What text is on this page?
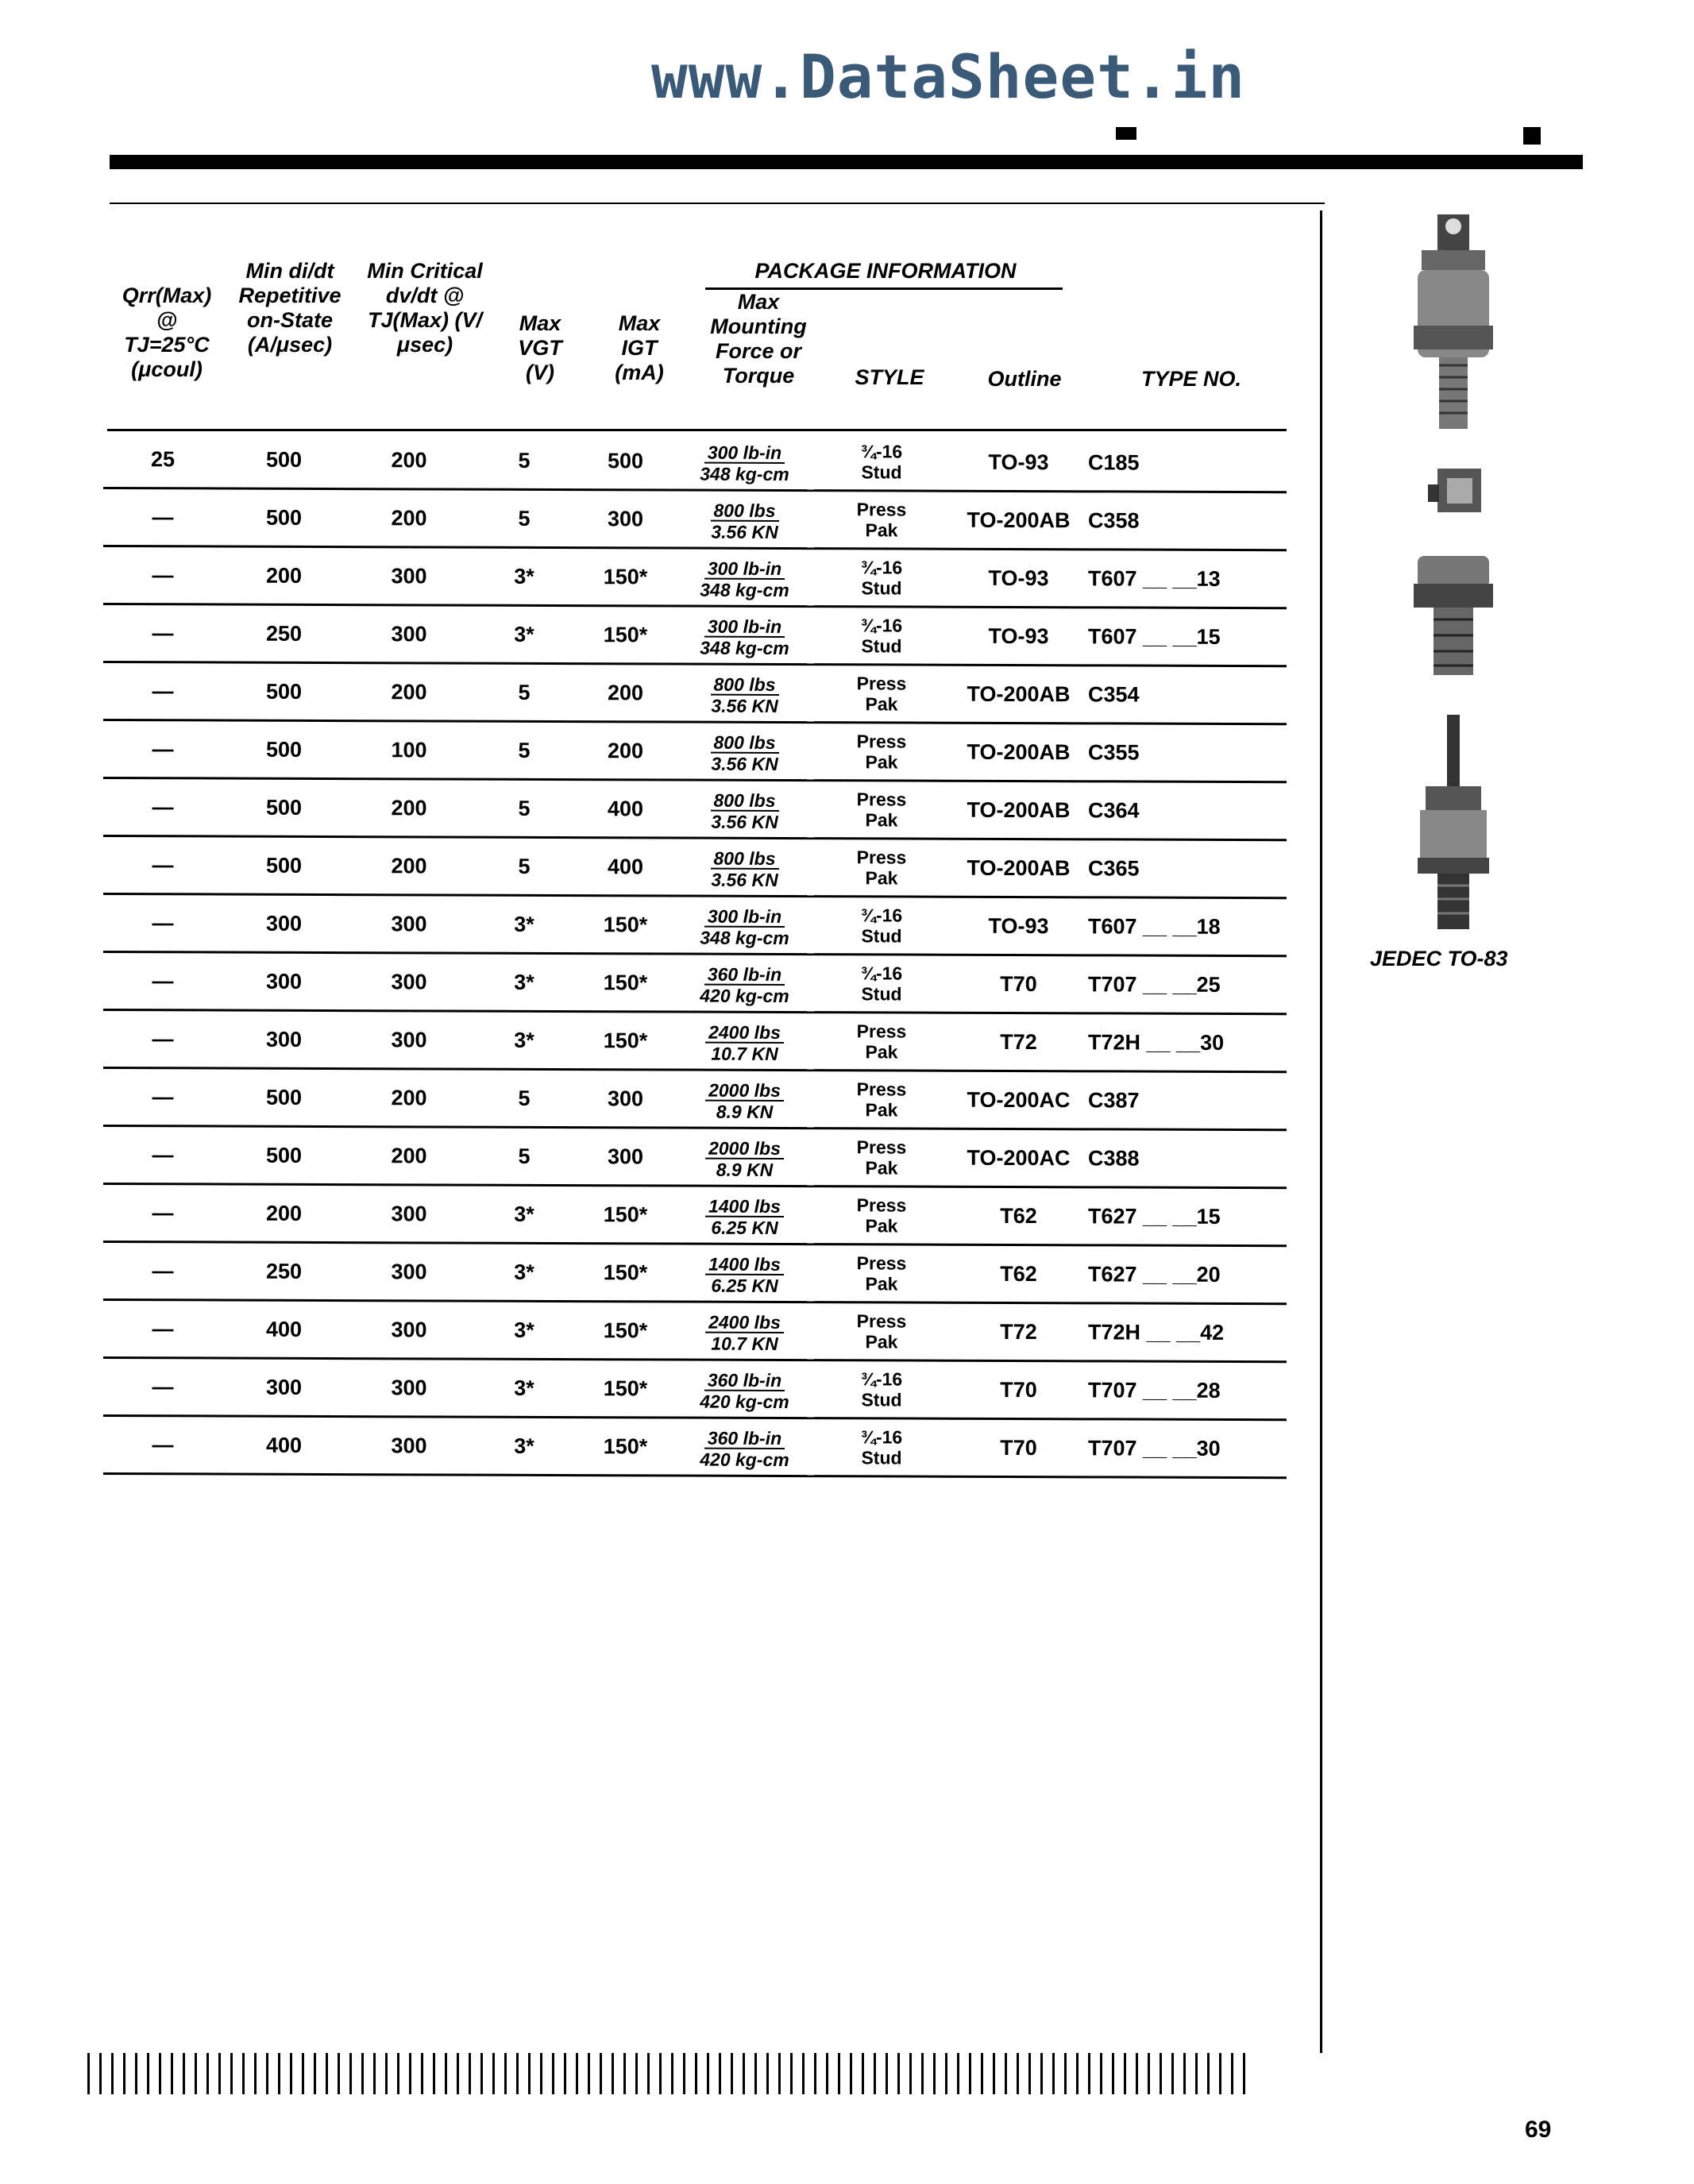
www.DataSheet.in
Qrr(Max) @ TJ=25°C (μcoul)
Min di/dt Repetitive on-State (A/μsec)
Min Critical dv/dt @ TJ(Max) (V/μsec)
Max VGT (V)
Max IGT (mA)
PACKAGE INFORMATION
Max Mounting Force or Torque	STYLE	Outline	TYPE NO.
25	500	200	5	500	300 lb-in
348 kg-cm	¾-16
Stud	TO-93	C185
—	500	200	5	300	800 lbs
3.56 KN	Press
Pak	TO-200AB	C358
—	200	300	3*	150*	300 lb-in
348 kg-cm	¾-16
Stud	TO-93	T607 __ __13
—	250	300	3*	150*	300 lb-in
348 kg-cm	¾-16
Stud	TO-93	T607 __ __15
—	500	200	5	200	800 lbs
3.56 KN	Press
Pak	TO-200AB	C354
—	500	100	5	200	800 lbs
3.56 KN	Press
Pak	TO-200AB	C355
—	500	200	5	400	800 lbs
3.56 KN	Press
Pak	TO-200AB	C364
—	500	200	5	400	800 lbs
3.56 KN	Press
Pak	TO-200AB	C365
—	300	300	3*	150*	300 lb-in
348 kg-cm	¾-16
Stud	TO-93	T607 __ __18
—	300	300	3*	150*	360 lb-in
420 kg-cm	¾-16
Stud	T70	T707 __ __25
—	300	300	3*	150*	2400 lbs
10.7 KN	Press
Pak	T72	T72H __ __30
—	500	200	5	300	2000 lbs
8.9 KN	Press
Pak	TO-200AC	C387
—	500	200	5	300	2000 lbs
8.9 KN	Press
Pak	TO-200AC	C388
—	200	300	3*	150*	1400 lbs
6.25 KN	Press
Pak	T62	T627 __ __15
—	250	300	3*	150*	1400 lbs
6.25 KN	Press
Pak	T62	T627 __ __20
—	400	300	3*	150*	2400 lbs
10.7 KN	Press
Pak	T72	T72H __ __42
—	300	300	3*	150*	360 lb-in
420 kg-cm	¾-16
Stud	T70	T707 __ __28
—	400	300	3*	150*	360 lb-in
420 kg-cm	¾-16
Stud	T70	T707 __ __30
JEDEC TO-83
69
